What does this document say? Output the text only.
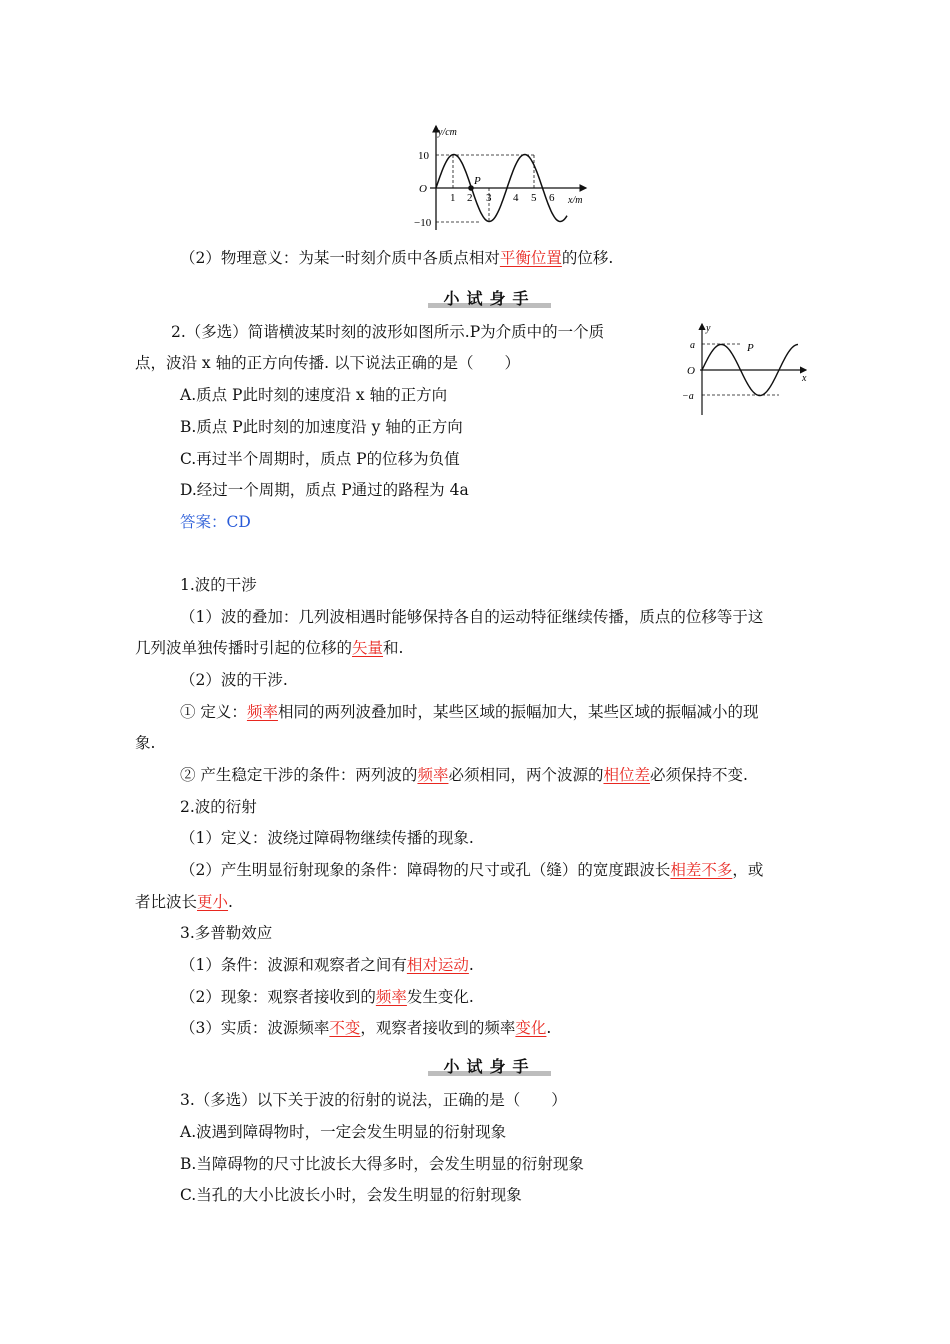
y/cm
x/m
O
P
10
−10
1 2 3 4 5 6
（2）物理意义：为某一时刻介质中各质点相对平衡位置的位移.
小试身手
2.（多选）简谐横波某时刻的波形如图所示.P为介质中的一个质
点，波沿 x 轴的正方向传播. 以下说法正确的是（　　）
A.质点 P此时刻的速度沿 x 轴的正方向
B.质点 P此时刻的加速度沿 y 轴的正方向
C.再过半个周期时，质点 P的位移为负值
D.经过一个周期，质点 P通过的路程为 4a
答案：CD
y
x
O
a
−a
P
1.波的干涉
（1）波的叠加：几列波相遇时能够保持各自的运动特征继续传播，质点的位移等于这
几列波单独传播时引起的位移的矢量和.
（2）波的干涉.
① 定义：频率相同的两列波叠加时，某些区域的振幅加大，某些区域的振幅减小的现
象.
② 产生稳定干涉的条件：两列波的频率必须相同，两个波源的相位差必须保持不变.
2.波的衍射
（1）定义：波绕过障碍物继续传播的现象.
（2）产生明显衍射现象的条件：障碍物的尺寸或孔（缝）的宽度跟波长相差不多，或
者比波长更小.
3.多普勒效应
（1）条件：波源和观察者之间有相对运动.
（2）现象：观察者接收到的频率发生变化.
（3）实质：波源频率不变，观察者接收到的频率变化.
小试身手
3.（多选）以下关于波的衍射的说法，正确的是（　　）
A.波遇到障碍物时，一定会发生明显的衍射现象
B.当障碍物的尺寸比波长大得多时，会发生明显的衍射现象
C.当孔的大小比波长小时，会发生明显的衍射现象
